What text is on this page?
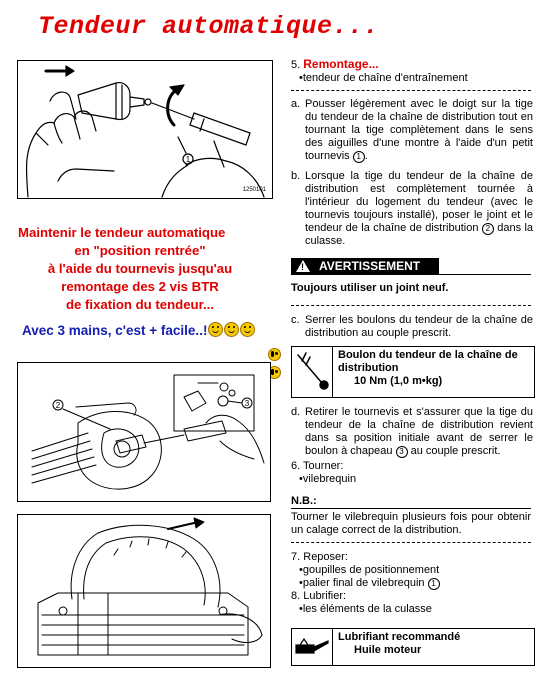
Tendeur automatique...
1
1250101
Maintenir le tendeur automatique
en "position rentrée"
à l'aide du tournevis jusqu'au
remontage des 2 vis BTR
de fixation du tendeur...
Avec 3 mains, c'est + facile..!
2	3

5. Remontage...

•tendeur de chaîne d'entraînement

a. Pousser légèrement avec le doigt sur la tige du tendeur de la chaîne de distribution tout en tournant la tige complètement dans le sens des aiguilles d'une montre à l'aide d'un petit tournevis 1 .
b. Lorsque la tige du tendeur de la chaîne de distribution est complètement tournée à l'intérieur du logement du tendeur (avec le tournevis toujours installé), poser le joint et le tendeur de la chaîne de distribution 2 dans la culasse.
! AVERTISSEMENT
Toujours utiliser un joint neuf.
c. Serrer les boulons du tendeur de la chaîne de distribution au couple prescrit.
Boulon du tendeur de la chaîne de distribution
10 Nm (1,0 m•kg)
d. Retirer le tournevis et s'assurer que la tige du tendeur de la chaîne de distribution revient dans sa position initiale avant de serrer le boulon à chapeau 3 au couple prescrit.

6. Tourner:

•vilebrequin

N.B.:
Tourner le vilebrequin plusieurs fois pour obtenir un calage correct de la distribution.

7. Reposer:

•goupilles de positionnement

•palier final de vilebrequin 1

8. Lubrifier:

•les éléments de la culasse

Lubrifiant recommandé
Huile moteur
